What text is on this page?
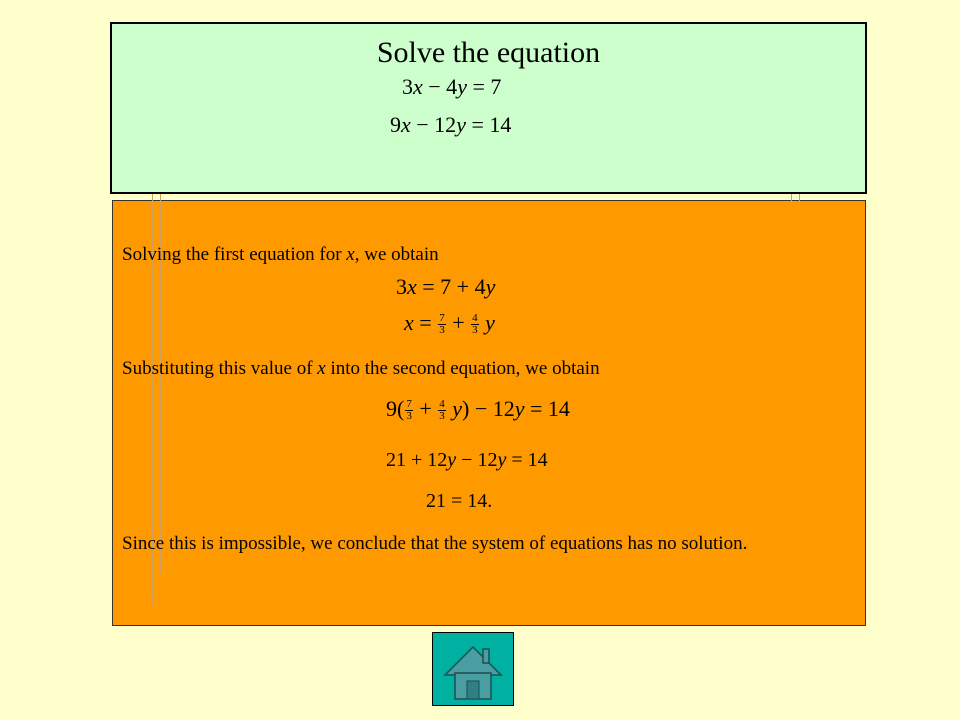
Solving the first equation for x, we obtain
3x = 7 + 4y
$x = \frac{7}{3} + \frac{4}{3}$ y
Substituting this value of x into the second equation, we obtain
$9( \frac{7}{3} + \frac{4}{3} y) - 12y = 14$
21 + 12y − 12y = 14
21 = 14.
Since this is impossible, we conclude that the system of equations has no solution.
Solve the equation
3x − 4y = 7
9x − 12y = 14
